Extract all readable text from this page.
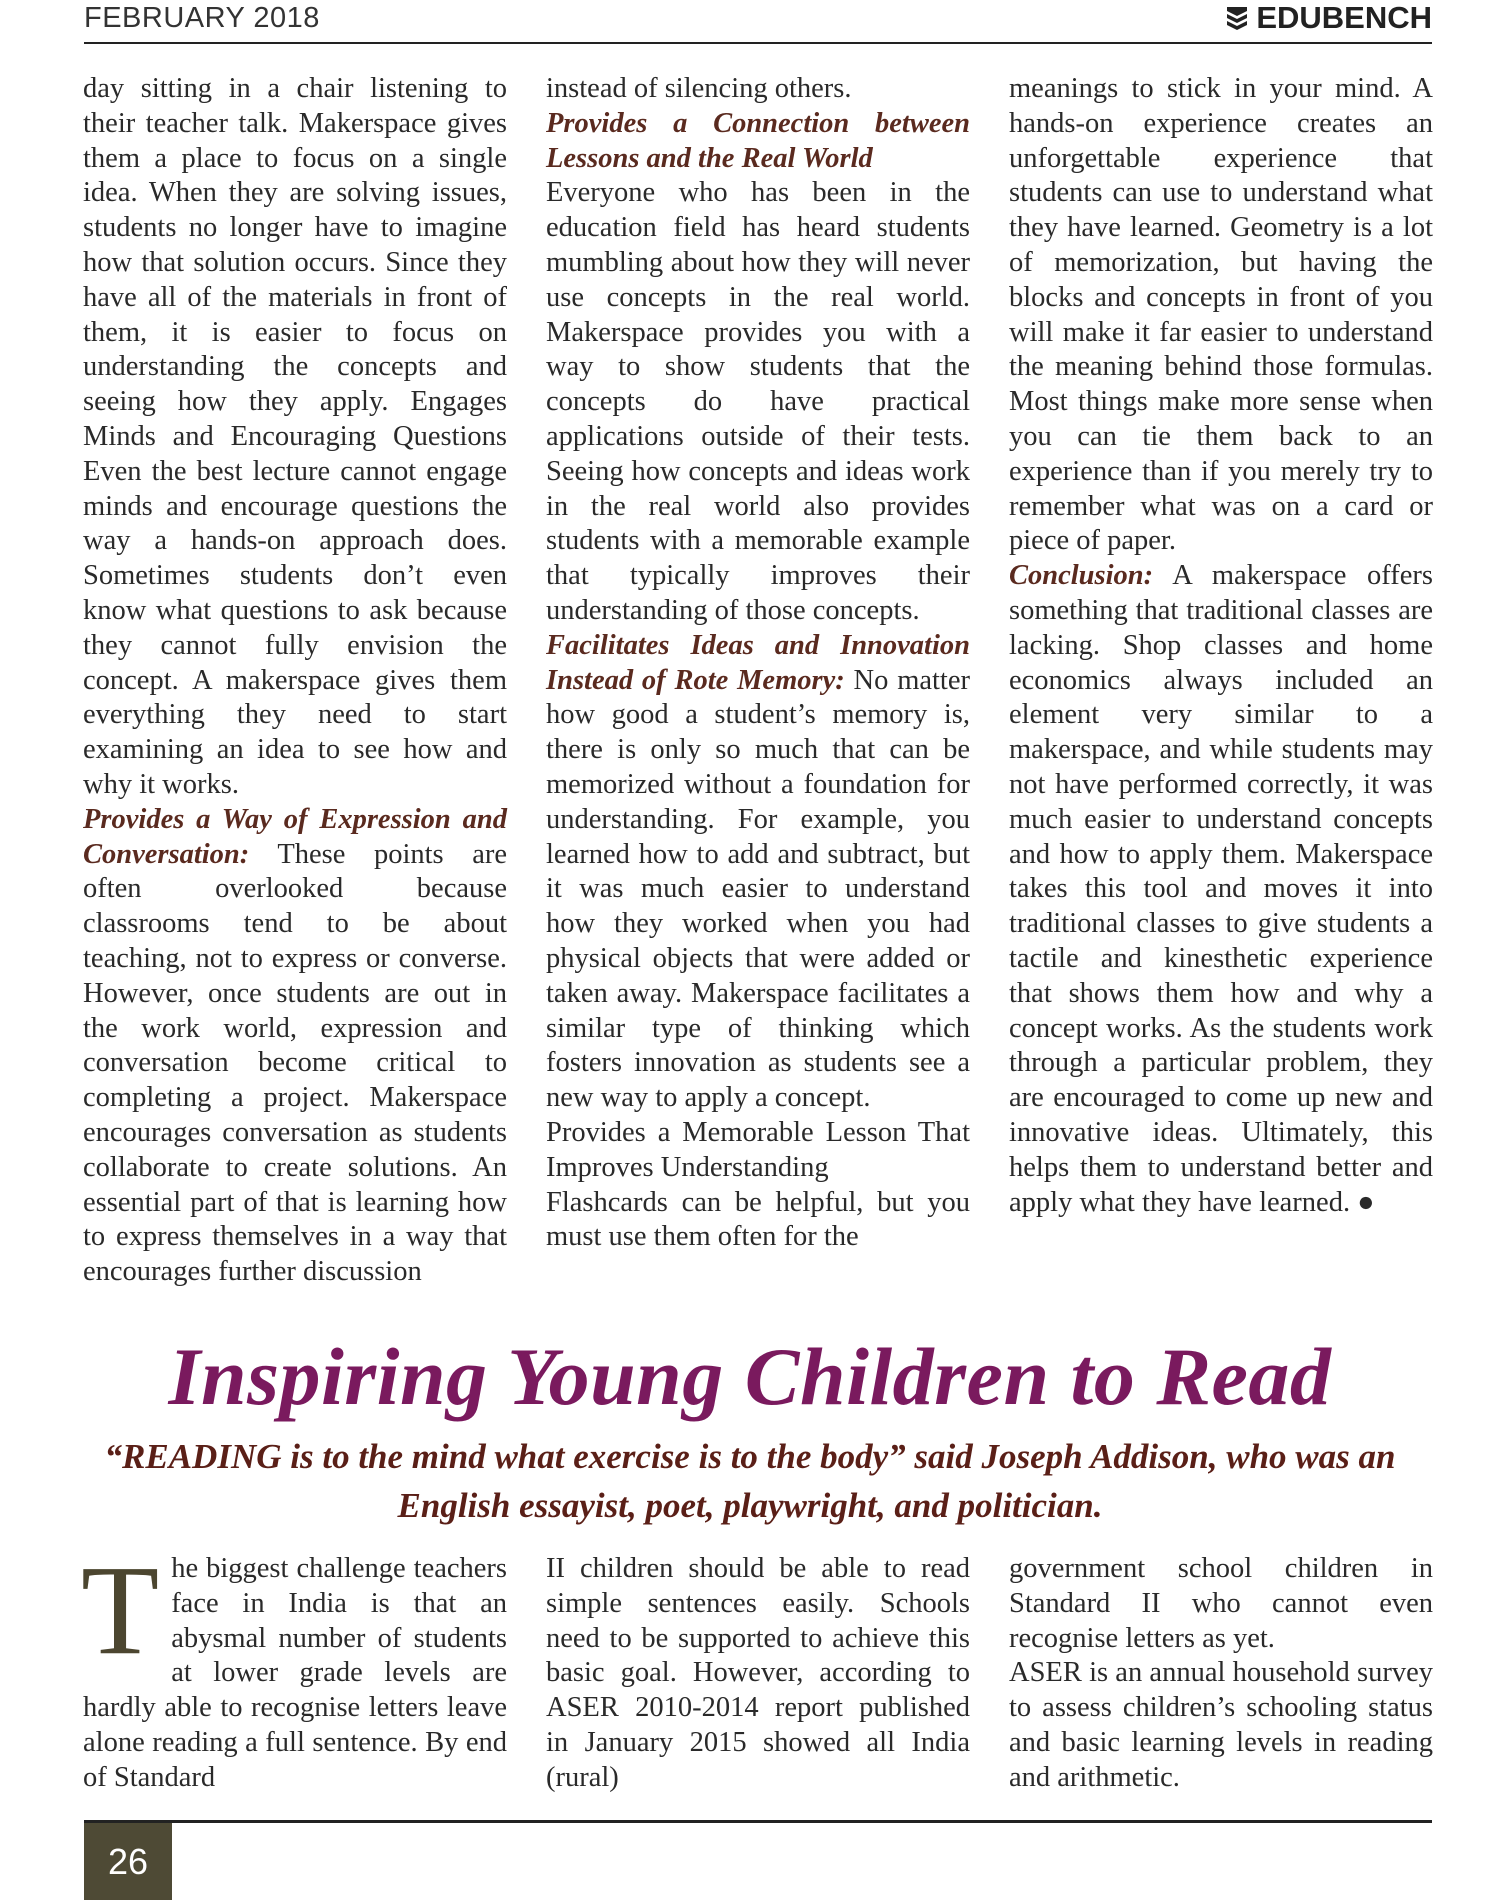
FEBRUARY 2018	EDUBENCH

day sitting in a chair listening to their teacher talk. Makerspace gives them a place to focus on a single idea. When they are solving issues, students no longer have to imagine how that solution occurs. Since they have all of the materials in front of them, it is easier to focus on understanding the concepts and seeing how they apply. Engages Minds and Encouraging Questions Even the best lecture cannot engage minds and encourage questions the way a hands-on approach does. Sometimes students don’t even know what questions to ask because they cannot fully envision the concept. A makerspace gives them everything they need to start examining an idea to see how and why it works.

Provides a Way of Expression and Conversation: These points are often overlooked because classrooms tend to be about teaching, not to express or converse. However, once students are out in the work world, expression and conversation become critical to completing a project. Makerspace encourages conversation as students collaborate to create solutions. An essential part of that is learning how to express themselves in a way that encourages further discussion

instead of silencing others.

Provides a Connection between Lessons and the Real World

Everyone who has been in the education field has heard students mumbling about how they will never use concepts in the real world. Makerspace provides you with a way to show students that the concepts do have practical applications outside of their tests. Seeing how concepts and ideas work in the real world also provides students with a memorable example that typically improves their understanding of those concepts.

Facilitates Ideas and Innovation Instead of Rote Memory: No matter how good a student’s memory is, there is only so much that can be memorized without a foundation for understanding. For example, you learned how to add and subtract, but it was much easier to understand how they worked when you had physical objects that were added or taken away. Makerspace facilitates a similar type of thinking which fosters innovation as students see a new way to apply a concept.

Provides a Memorable Lesson That Improves Understanding

Flashcards can be helpful, but you must use them often for the

meanings to stick in your mind. A hands-on experience creates an unforgettable experience that students can use to understand what they have learned. Geometry is a lot of memorization, but having the blocks and concepts in front of you will make it far easier to understand the meaning behind those formulas. Most things make more sense when you can tie them back to an experience than if you merely try to remember what was on a card or piece of paper.

Conclusion: A makerspace offers something that traditional classes are lacking. Shop classes and home economics always included an element very similar to a makerspace, and while students may not have performed correctly, it was much easier to understand concepts and how to apply them. Makerspace takes this tool and moves it into traditional classes to give students a tactile and kinesthetic experience that shows them how and why a concept works. As the students work through a particular problem, they are encouraged to come up new and innovative ideas. Ultimately, this helps them to understand better and apply what they have learned. ●

Inspiring Young Children to Read

“READING is to the mind what exercise is to the body” said Joseph Addison, who was an English essayist, poet, playwright, and politician.

The biggest challenge teachers face in India is that an abysmal number of students at lower grade levels are hardly able to recognise letters leave alone reading a full sentence. By end of Standard

II children should be able to read simple sentences easily. Schools need to be supported to achieve this basic goal. However, according to ASER 2010-2014 report published in January 2015 showed all India (rural)

government school children in Standard II who cannot even recognise letters as yet.

ASER is an annual household survey to assess children’s schooling status and basic learning levels in reading and arithmetic.

26
